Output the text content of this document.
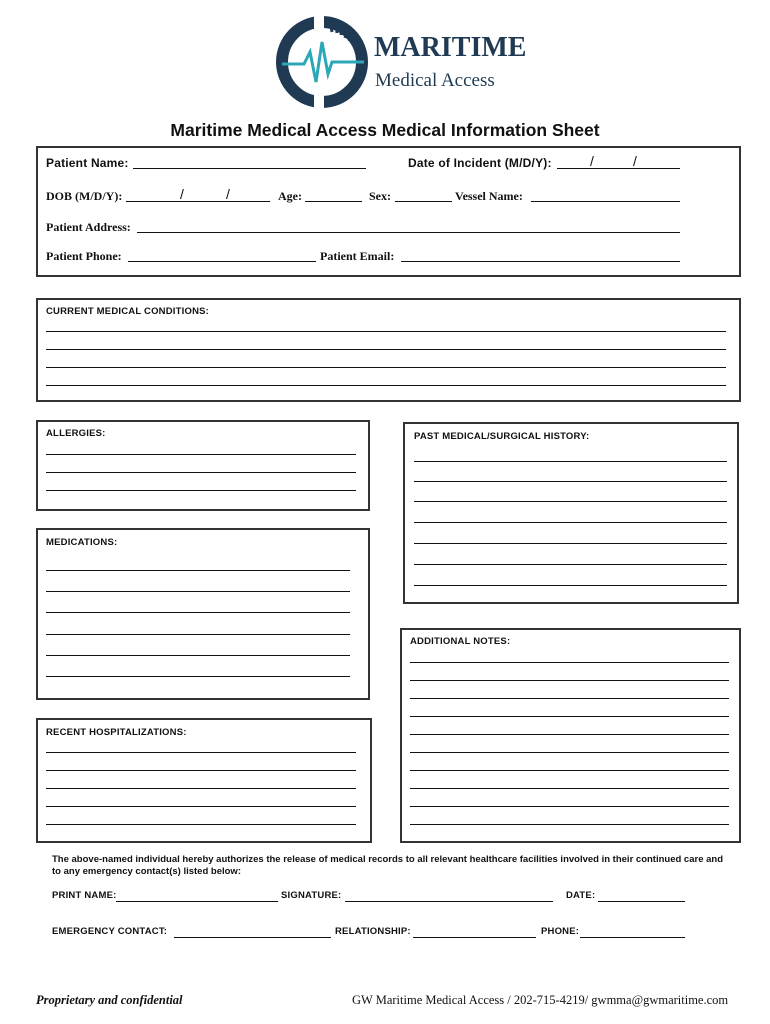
MARITIME
Medical Access
Maritime Medical Access Medical Information Sheet
Patient Name:	Date of Incident (M/D/Y):	/	/
DOB (M/D/Y):	/	/	Age:	Sex:	Vessel Name:
Patient Address:
Patient Phone:	Patient Email:
CURRENT MEDICAL CONDITIONS:
ALLERGIES:	PAST MEDICAL/SURGICAL HISTORY:
MEDICATIONS:
ADDITIONAL NOTES:
RECENT HOSPITALIZATIONS:
The above-named individual hereby authorizes the release of medical records to all relevant healthcare facilities involved in their continued care and to any emergency contact(s) listed below:
PRINT NAME:	SIGNATURE:	DATE:
EMERGENCY CONTACT:	RELATIONSHIP:	PHONE:
Proprietary and confidential	GW Maritime Medical Access / 202-715-4219/ gwmma@gwmaritime.com
